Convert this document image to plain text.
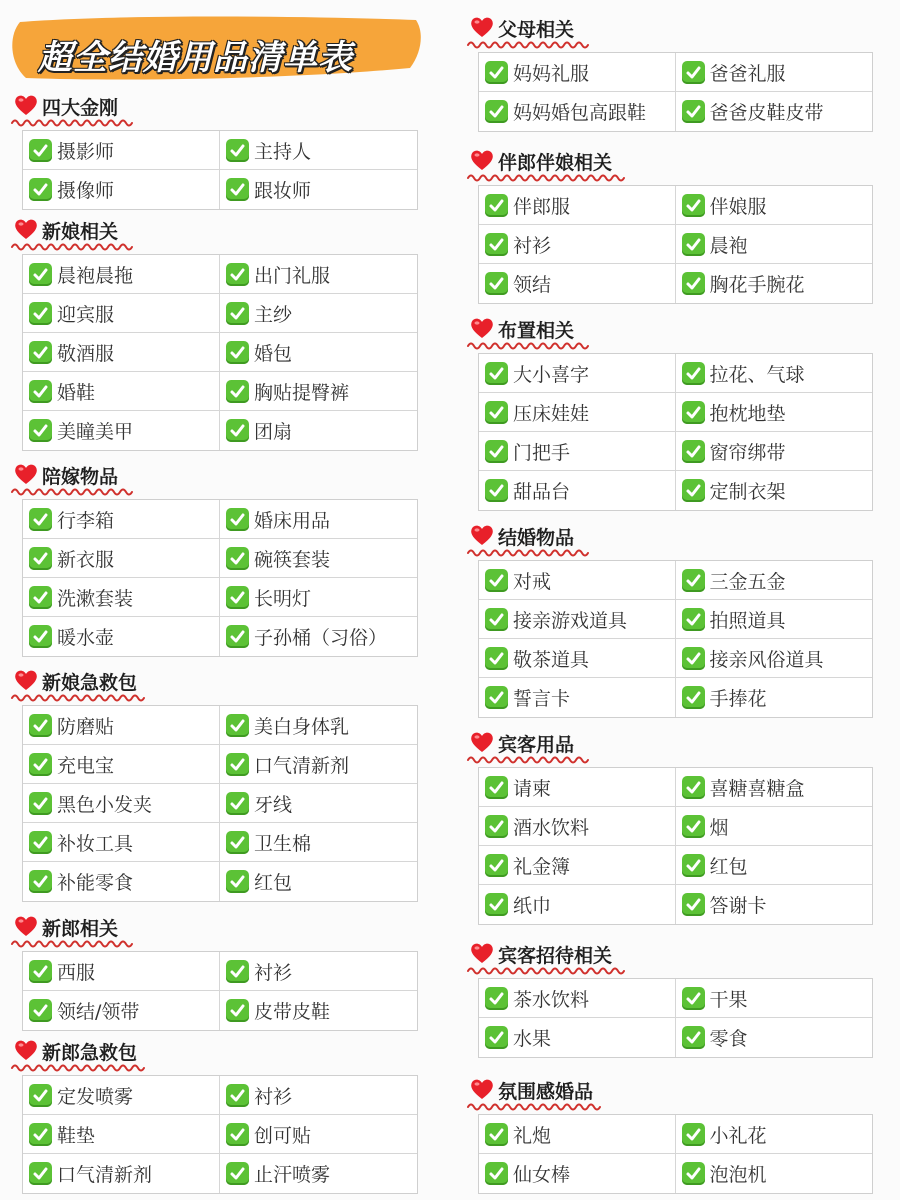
超全结婚用品清单表
四大金刚
摄影师	主持人
摄像师	跟妆师
新娘相关
晨袍晨拖	出门礼服
迎宾服	主纱
敬酒服	婚包
婚鞋	胸贴提臀裤
美瞳美甲	团扇
陪嫁物品
行李箱	婚床用品
新衣服	碗筷套装
洗漱套装	长明灯
暖水壶	子孙桶（习俗）
新娘急救包
防磨贴	美白身体乳
充电宝	口气清新剂
黑色小发夹	牙线
补妆工具	卫生棉
补能零食	红包
新郎相关
西服	衬衫
领结/领带	皮带皮鞋
新郎急救包
定发喷雾	衬衫
鞋垫	创可贴
口气清新剂	止汗喷雾
父母相关
妈妈礼服	爸爸礼服
妈妈婚包高跟鞋	爸爸皮鞋皮带
伴郎伴娘相关
伴郎服	伴娘服
衬衫	晨袍
领结	胸花手腕花
布置相关
大小喜字	拉花、气球
压床娃娃	抱枕地垫
门把手	窗帘绑带
甜品台	定制衣架
结婚物品
对戒	三金五金
接亲游戏道具	拍照道具
敬茶道具	接亲风俗道具
誓言卡	手捧花
宾客用品
请柬	喜糖喜糖盒
酒水饮料	烟
礼金簿	红包
纸巾	答谢卡
宾客招待相关
茶水饮料	干果
水果	零食
氛围感婚品
礼炮	小礼花
仙女棒	泡泡机
